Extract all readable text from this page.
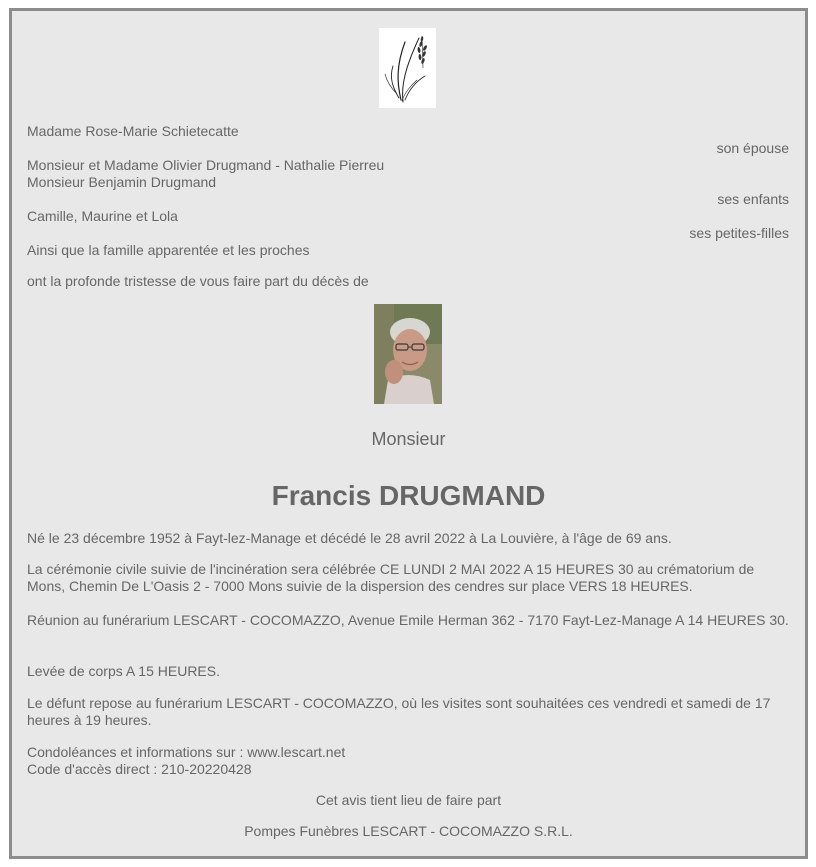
Madame Rose-Marie Schietecatte
son épouse
Monsieur et Madame Olivier Drugmand - Nathalie Pierreu
Monsieur Benjamin Drugmand
ses enfants
Camille, Maurine et Lola
ses petites-filles
Ainsi que la famille apparentée et les proches
ont la profonde tristesse de vous faire part du décès de
Monsieur
Francis DRUGMAND
Né le 23 décembre 1952 à Fayt-lez-Manage et décédé le 28 avril 2022 à La Louvière, à l'âge de 69 ans.
La cérémonie civile suivie de l'incinération sera célébrée CE LUNDI 2 MAI 2022 A 15 HEURES 30 au crématorium de Mons, Chemin De L'Oasis 2 - 7000 Mons suivie de la dispersion des cendres sur place VERS 18 HEURES.
Réunion au funérarium LESCART - COCOMAZZO, Avenue Emile Herman 362 - 7170 Fayt-Lez-Manage A 14 HEURES 30.
Levée de corps A 15 HEURES.
Le défunt repose au funérarium LESCART - COCOMAZZO, où les visites sont souhaitées ces vendredi et samedi de 17 heures à 19 heures.
Condoléances et informations sur : www.lescart.net
Code d'accès direct : 210-20220428
Cet avis tient lieu de faire part
Pompes Funèbres LESCART - COCOMAZZO S.R.L.
